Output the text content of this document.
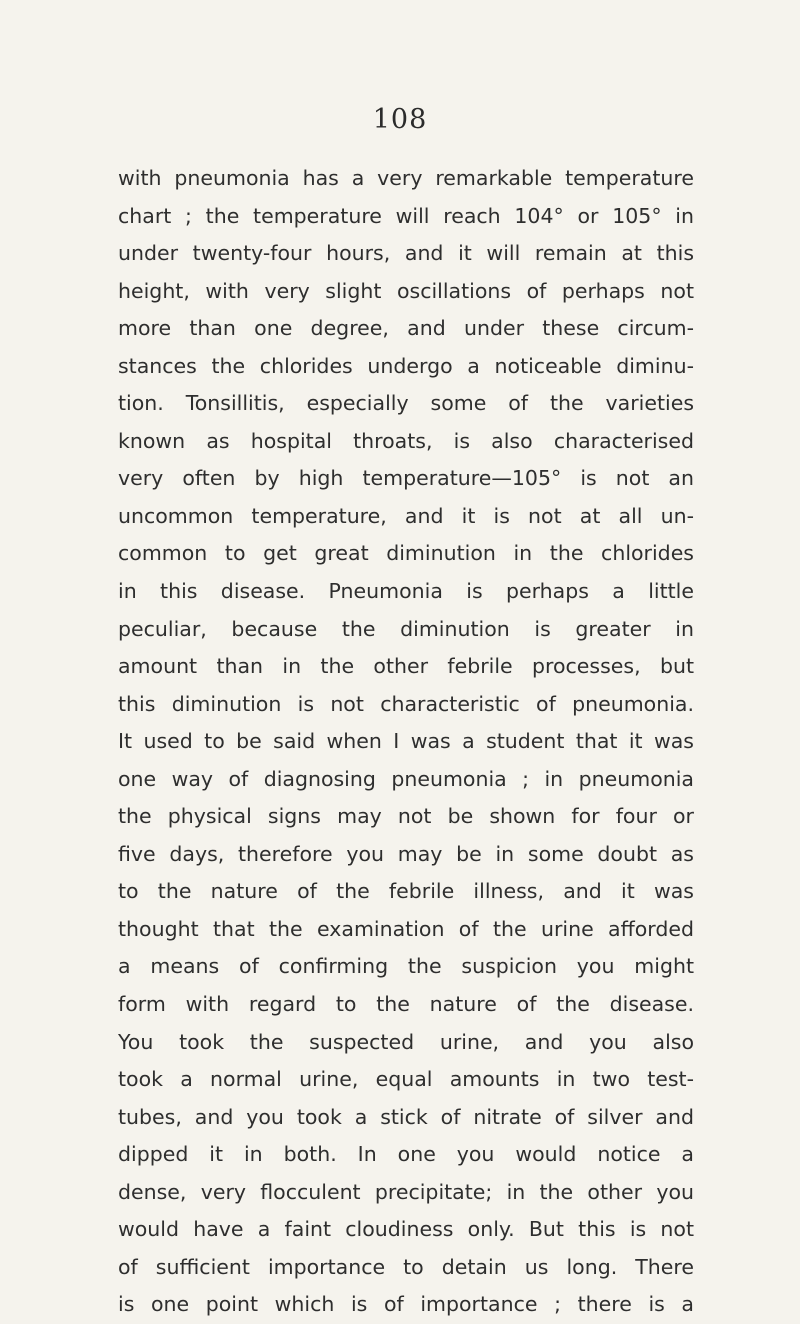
108
with pneumonia has a very remarkable temperature
chart ; the temperature will reach 104° or 105° in
under twenty-four hours, and it will remain at this
height, with very slight oscillations of perhaps not
more than one degree, and under these circum-
stances the chlorides undergo a noticeable diminu-
tion. Tonsillitis, especially some of the varieties
known as hospital throats, is also characterised
very often by high temperature—105° is not an
uncommon temperature, and it is not at all un-
common to get great diminution in the chlorides
in this disease. Pneumonia is perhaps a little
peculiar, because the diminution is greater in
amount than in the other febrile processes, but
this diminution is not characteristic of pneumonia.
It used to be said when I was a student that it was
one way of diagnosing pneumonia ; in pneumonia
the physical signs may not be shown for four or
five days, therefore you may be in some doubt as
to the nature of the febrile illness, and it was
thought that the examination of the urine afforded
a means of confirming the suspicion you might
form with regard to the nature of the disease.
You took the suspected urine, and you also
took a normal urine, equal amounts in two test-
tubes, and you took a stick of nitrate of silver and
dipped it in both. In one you would notice a
dense, very flocculent precipitate; in the other you
would have a faint cloudiness only. But this is not
of sufficient importance to detain us long. There
is one point which is of importance ; there is a
